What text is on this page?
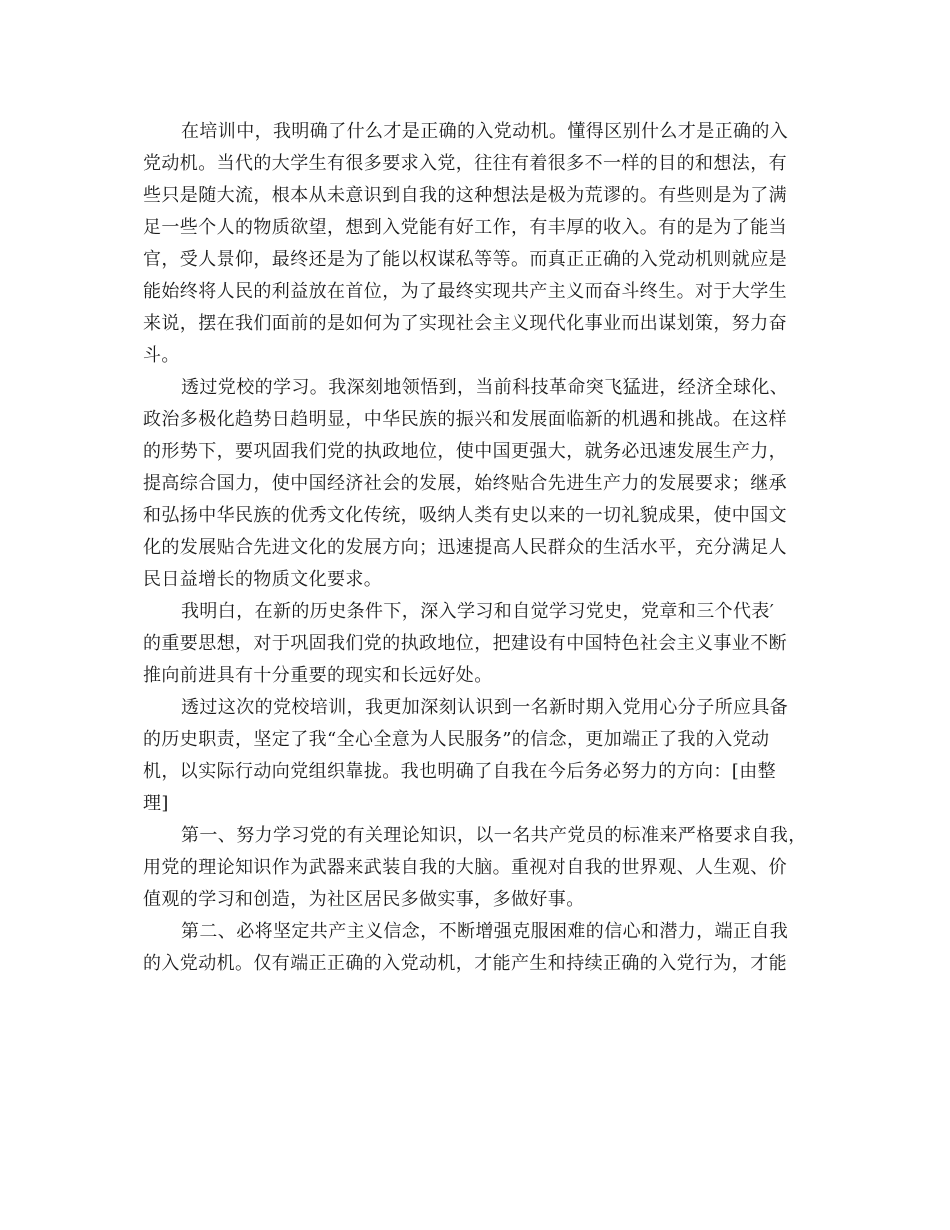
在培训中，我明确了什么才是正确的入党动机。懂得区别什么才是正确的入
党动机。当代的大学生有很多要求入党，往往有着很多不一样的目的和想法，有
些只是随大流，根本从未意识到自我的这种想法是极为荒谬的。有些则是为了满
足一些个人的物质欲望，想到入党能有好工作，有丰厚的收入。有的是为了能当
官，受人景仰，最终还是为了能以权谋私等等。而真正正确的入党动机则就应是
能始终将人民的利益放在首位，为了最终实现共产主义而奋斗终生。对于大学生
来说，摆在我们面前的是如何为了实现社会主义现代化事业而出谋划策，努力奋
斗。
透过党校的学习。我深刻地领悟到，当前科技革命突飞猛进，经济全球化、
政治多极化趋势日趋明显，中华民族的振兴和发展面临新的机遇和挑战。在这样
的形势下，要巩固我们党的执政地位，使中国更强大，就务必迅速发展生产力，
提高综合国力，使中国经济社会的发展，始终贴合先进生产力的发展要求；继承
和弘扬中华民族的优秀文化传统，吸纳人类有史以来的一切礼貌成果，使中国文
化的发展贴合先进文化的发展方向；迅速提高人民群众的生活水平，充分满足人
民日益增长的物质文化要求。
我明白，在新的历史条件下，深入学习和自觉学习党史，党章和三个代表′
的重要思想，对于巩固我们党的执政地位，把建设有中国特色社会主义事业不断
推向前进具有十分重要的现实和长远好处。
透过这次的党校培训，我更加深刻认识到一名新时期入党用心分子所应具备
的历史职责，坚定了我“全心全意为人民服务”的信念，更加端正了我的入党动
机，以实际行动向党组织靠拢。我也明确了自我在今后务必努力的方向：[由整
理]
第一、努力学习党的有关理论知识，以一名共产党员的标准来严格要求自我，
用党的理论知识作为武器来武装自我的大脑。重视对自我的世界观、人生观、价
值观的学习和创造，为社区居民多做实事，多做好事。
第二、必将坚定共产主义信念，不断增强克服困难的信心和潜力，端正自我
的入党动机。仅有端正正确的入党动机，才能产生和持续正确的入党行为，才能
